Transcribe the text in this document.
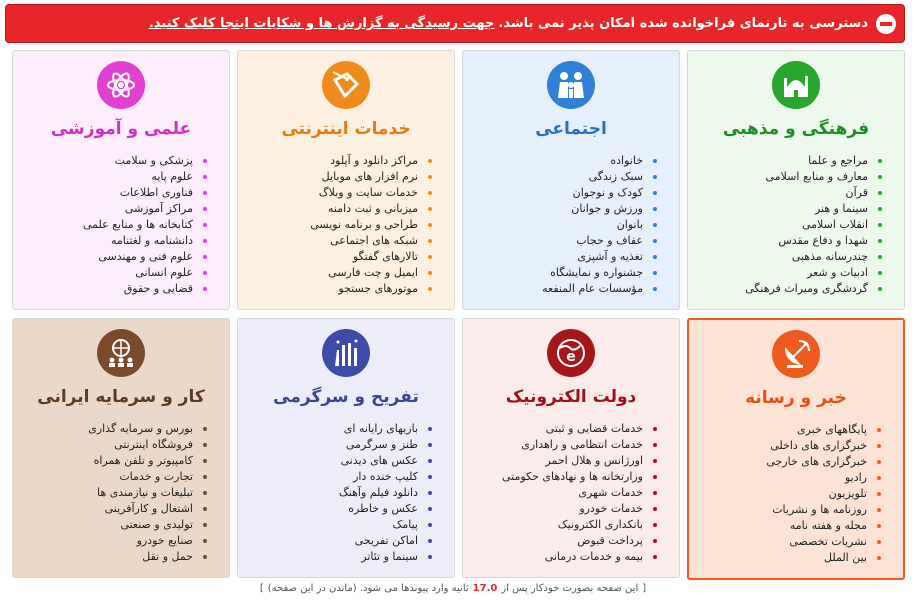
دسترسی به تارنمای فراخوانده شده امکان پذیر نمی باشد.
جهت رسیدگی به گزارش ها و شکایات اینجا کلیک کنید.
فرهنگی و مذهبی
مراجع و علما
معارف و منابع اسلامی
قرآن
سینما و هنر
انقلاب اسلامی
شهدا و دفاع مقدس
چندرسانه مذهبی
ادبیات و شعر
گردشگری ومیراث فرهنگی
اجتماعی
خانواده
سبک زندگی
کودک و نوجوان
ورزش و جوانان
بانوان
عفاف و حجاب
تغذیه و آشپزی
جشنواره و نمایشگاه
مؤسسات عام المنفعه
خدمات اینترنتی
مراکز دانلود و آپلود
نرم افزار های موبایل
خدمات سایت و وبلاگ
میزبانی و ثبت دامنه
طراحی و برنامه نویسی
شبکه های اجتماعی
تالارهای گفتگو
ایمیل و چت فارسی
موتورهای جستجو
علمی و آموزشی
پزشکی و سلامت
علوم پایه
فناوری اطلاعات
مراکز آموزشی
کتابخانه ها و منابع علمی
دانشنامه و لغتنامه
علوم فنی و مهندسی
علوم انسانی
قضایی و حقوق
خبر و رسانه
پایگاههای خبری
خبرگزاری های داخلی
خبرگزاری های خارجی
رادیو
تلویزیون
روزنامه ها و نشریات
مجله و هفته نامه
نشریات تخصصی
بین الملل
e
دولت الکترونیک
خدمات قضایی و ثبتی
خدمات انتظامی و راهداری
اورژانس و هلال احمر
وزارتخانه ها و نهادهای حکومتی
خدمات شهری
خدمات خودرو
بانکداری الکترونیک
پرداخت قبوض
بیمه و خدمات درمانی
تفریح و سرگرمی
بازیهای رایانه ای
طنز و سرگرمی
عکس های دیدنی
کلیپ خنده دار
دانلود فیلم وآهنگ
عکس و خاطره
پیامک
اماکن تفریحی
سینما و تئاتر
کار و سرمایه ایرانی
بورس و سرمایه گذاری
فروشگاه اینترنتی
کامپیوتر و تلفن همراه
تجارت و خدمات
تبلیغات و نیازمندی ها
اشتغال و کارآفرینی
تولیدی و صنعتی
صنایع خودرو
حمل و نقل
[
این صفحه بصورت خودکار پس از
17.0
ثانیه وارد پیوندها می شود. (ماندن در این صفحه)
]
